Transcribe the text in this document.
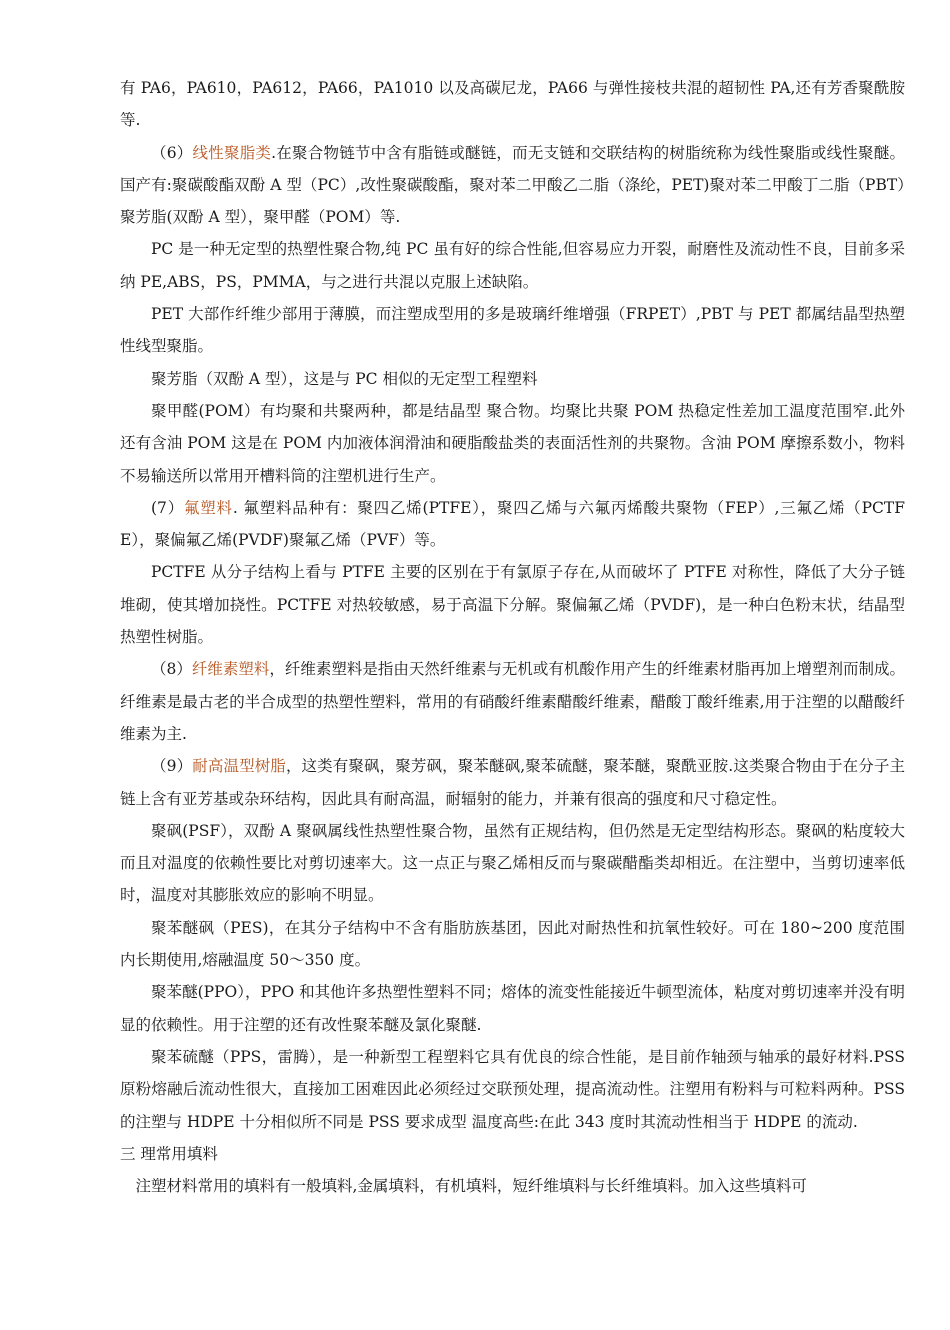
有 PA6，PA610，PA612，PA66，PA1010 以及高碳尼龙，PA66 与弹性接枝共混的超韧性 PA,还有芳香聚酰胺等.

（6）线性聚脂类.在聚合物链节中含有脂链或醚链，而无支链和交联结构的树脂统称为线性聚脂或线性聚醚。国产有:聚碳酸酯双酚 A 型（PC）,改性聚碳酸酯，聚对苯二甲酸乙二脂（涤纶，PET)聚对苯二甲酸丁二脂（PBT）聚芳脂(双酚 A 型），聚甲醛（POM）等.

PC 是一种无定型的热塑性聚合物,纯 PC 虽有好的综合性能,但容易应力开裂，耐磨性及流动性不良，目前多采纳 PE,ABS，PS，PMMA，与之进行共混以克服上述缺陷。

PET 大部作纤维少部用于薄膜，而注塑成型用的多是玻璃纤维增强（FRPET）,PBT 与 PET 都属结晶型热塑性线型聚脂。

聚芳脂（双酚 A 型），这是与 PC 相似的无定型工程塑料

聚甲醛(POM）有均聚和共聚两种，都是结晶型 聚合物。均聚比共聚 POM 热稳定性差加工温度范围窄.此外还有含油 POM 这是在 POM 内加液体润滑油和硬脂酸盐类的表面活性剂的共聚物。含油 POM 摩擦系数小，物料不易输送所以常用开槽料筒的注塑机进行生产。

(7）氟塑料. 氟塑料品种有：聚四乙烯(PTFE），聚四乙烯与六氟丙烯酸共聚物（FEP）,三氟乙烯（PCTFE），聚偏氟乙烯(PVDF)聚氟乙烯（PVF）等。

PCTFE 从分子结构上看与 PTFE 主要的区别在于有氯原子存在,从而破坏了 PTFE 对称性，降低了大分子链堆砌，使其增加挠性。PCTFE 对热较敏感，易于高温下分解。聚偏氟乙烯（PVDF)，是一种白色粉末状，结晶型热塑性树脂。

（8）纤维素塑料，纤维素塑料是指由天然纤维素与无机或有机酸作用产生的纤维素材脂再加上增塑剂而制成。纤维素是最古老的半合成型的热塑性塑料，常用的有硝酸纤维素醋酸纤维素，醋酸丁酸纤维素,用于注塑的以醋酸纤维素为主.

（9）耐高温型树脂，这类有聚砜，聚芳砜，聚苯醚砜,聚苯硫醚，聚苯醚，聚酰亚胺.这类聚合物由于在分子主链上含有亚芳基或杂环结构，因此具有耐高温，耐辐射的能力，并兼有很高的强度和尺寸稳定性。

聚砜(PSF），双酚 A 聚砜属线性热塑性聚合物，虽然有正规结构，但仍然是无定型结构形态。聚砜的粘度较大而且对温度的依赖性要比对剪切速率大。这一点正与聚乙烯相反而与聚碳醋酯类却相近。在注塑中，当剪切速率低时，温度对其膨胀效应的影响不明显。

聚苯醚砜（PES)，在其分子结构中不含有脂肪族基团，因此对耐热性和抗氧性较好。可在 180~200 度范围内长期使用,熔融温度 50～350 度。

聚苯醚(PPO），PPO 和其他许多热塑性塑料不同；熔体的流变性能接近牛顿型流体，粘度对剪切速率并没有明显的依赖性。用于注塑的还有改性聚苯醚及氯化聚醚.

聚苯硫醚（PPS，雷腾），是一种新型工程塑料它具有优良的综合性能，是目前作轴颈与轴承的最好材料.PSS 原粉熔融后流动性很大，直接加工困难因此必须经过交联预处理，提高流动性。注塑用有粉料与可粒料两种。PSS 的注塑与 HDPE 十分相似所不同是 PSS 要求成型 温度高些:在此 343 度时其流动性相当于 HDPE 的流动.

三 理常用填料

注塑材料常用的填料有一般填料,金属填料，有机填料，短纤维填料与长纤维填料。加入这些填料可
